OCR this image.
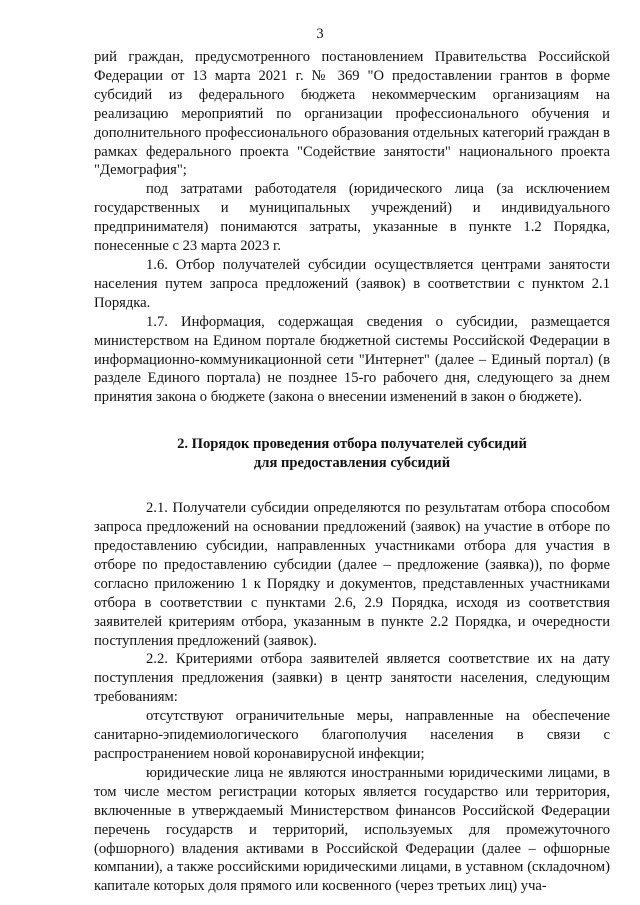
3

рий граждан, предусмотренного постановлением Правительства Российской Федерации от 13 марта 2021 г. № 369 "О предоставлении грантов в форме субсидий из федерального бюджета некоммерческим организациям на реализацию мероприятий по организации профессионального обучения и дополнительного профессионального образования отдельных категорий граждан в рамках федерального проекта "Содействие занятости" национального проекта "Демография";

под затратами работодателя (юридического лица (за исключением государственных и муниципальных учреждений) и индивидуального предпринимателя) понимаются затраты, указанные в пункте 1.2 Порядка, понесенные с 23 марта 2023 г.

1.6. Отбор получателей субсидии осуществляется центрами занятости населения путем запроса предложений (заявок) в соответствии с пунктом 2.1 Порядка.

1.7. Информация, содержащая сведения о субсидии, размещается министерством на Едином портале бюджетной системы Российской Федерации в информационно-коммуникационной сети "Интернет" (далее – Единый портал) (в разделе Единого портала) не позднее 15-го рабочего дня, следующего за днем принятия закона о бюджете (закона о внесении изменений в закон о бюджете).

2. Порядок проведения отбора получателей субсидий
для предоставления субсидий

2.1. Получатели субсидии определяются по результатам отбора способом запроса предложений на основании предложений (заявок) на участие в отборе по предоставлению субсидии, направленных участниками отбора для участия в отборе по предоставлению субсидии (далее – предложение (заявка)), по форме согласно приложению 1 к Порядку и документов, представленных участниками отбора в соответствии с пунктами 2.6, 2.9 Порядка, исходя из соответствия заявителей критериям отбора, указанным в пункте 2.2 Порядка, и очередности поступления предложений (заявок).

2.2. Критериями отбора заявителей является соответствие их на дату поступления предложения (заявки) в центр занятости населения, следующим требованиям:

отсутствуют ограничительные меры, направленные на обеспечение санитарно-эпидемиологического благополучия населения в связи с распространением новой коронавирусной инфекции;

юридические лица не являются иностранными юридическими лицами, в том числе местом регистрации которых является государство или территория, включенные в утверждаемый Министерством финансов Российской Федерации перечень государств и территорий, используемых для промежуточного (офшорного) владения активами в Российской Федерации (далее – офшорные компании), а также российскими юридическими лицами, в уставном (складочном) капитале которых доля прямого или косвенного (через третьих лиц) уча-
